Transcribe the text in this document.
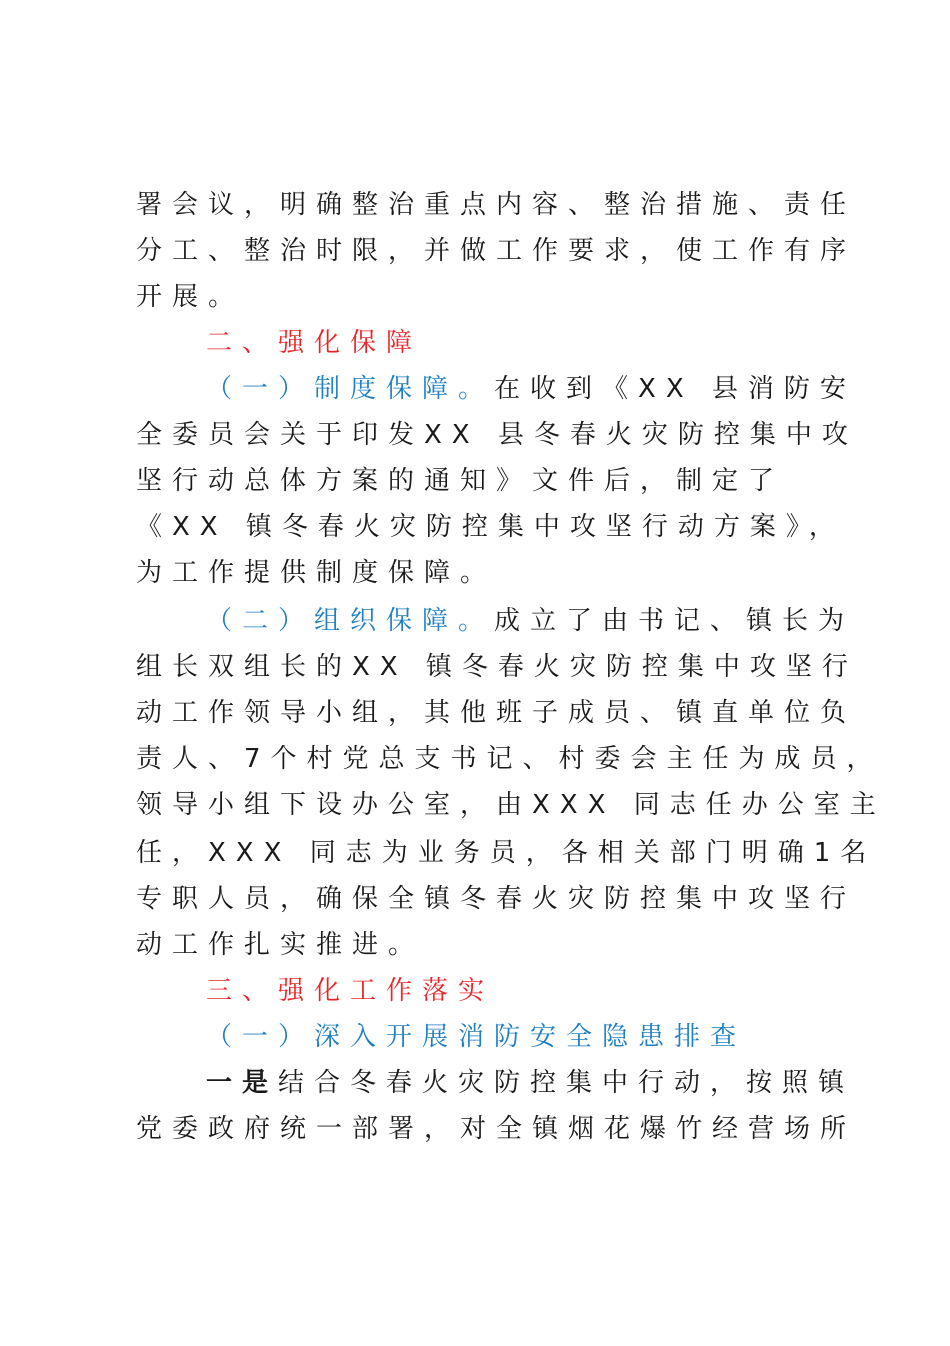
署会议，明确整治重点内容、整治措施、责任
分工、整治时限，并做工作要求，使工作有序
开展。
二、强化保障
（一）制度保障。在收到《XX 县消防安
全委员会关于印发XX 县冬春火灾防控集中攻
坚行动总体方案的通知》文件后，制定了
《XX 镇冬春火灾防控集中攻坚行动方案》，
为工作提供制度保障。
（二）组织保障。成立了由书记、镇长为
组长双组长的XX 镇冬春火灾防控集中攻坚行
动工作领导小组，其他班子成员、镇直单位负
责人、7个村党总支书记、村委会主任为成员，
领导小组下设办公室，由XXX 同志任办公室主
任，XXX 同志为业务员，各相关部门明确1名
专职人员，确保全镇冬春火灾防控集中攻坚行
动工作扎实推进。
三、强化工作落实
（一）深入开展消防安全隐患排查
一是结合冬春火灾防控集中行动，按照镇
党委政府统一部署，对全镇烟花爆竹经营场所
